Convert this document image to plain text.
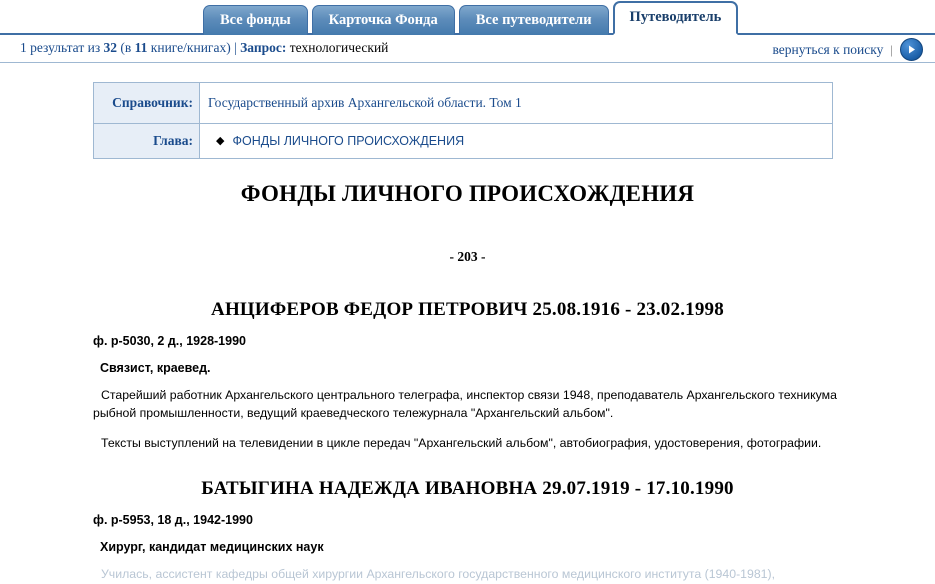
Все фонды	Карточка Фонда	Все путеводители	Путеводитель
1 результат из 32 (в 11 книге/книгах) | Запрос: технологический	вернуться к поиску |
Справочник:	Государственный архив Архангельской области. Том 1
Глава:	◆ ФОНДЫ ЛИЧНОГО ПРОИСХОЖДЕНИЯ
ФОНДЫ ЛИЧНОГО ПРОИСХОЖДЕНИЯ
- 203 -
АНЦИФЕРОВ ФЕДОР ПЕТРОВИЧ 25.08.1916 - 23.02.1998
ф. р-5030, 2 д., 1928-1990
Связист, краевед.
Старейший работник Архангельского центрального телеграфа, инспектор связи 1948, преподаватель Архангельского техникума рыбной промышленности, ведущий краеведческого тележурнала "Архангельский альбом".
Тексты выступлений на телевидении в цикле передач "Архангельский альбом", автобиография, удостоверения, фотографии.
БАТЫГИНА НАДЕЖДА ИВАНОВНА 29.07.1919 - 17.10.1990
ф. р-5953, 18 д., 1942-1990
Хирург, кандидат медицинских наук
Училась, ассистент кафедры общей хирургии Архангельского государственного медицинского института (1940-1981),
